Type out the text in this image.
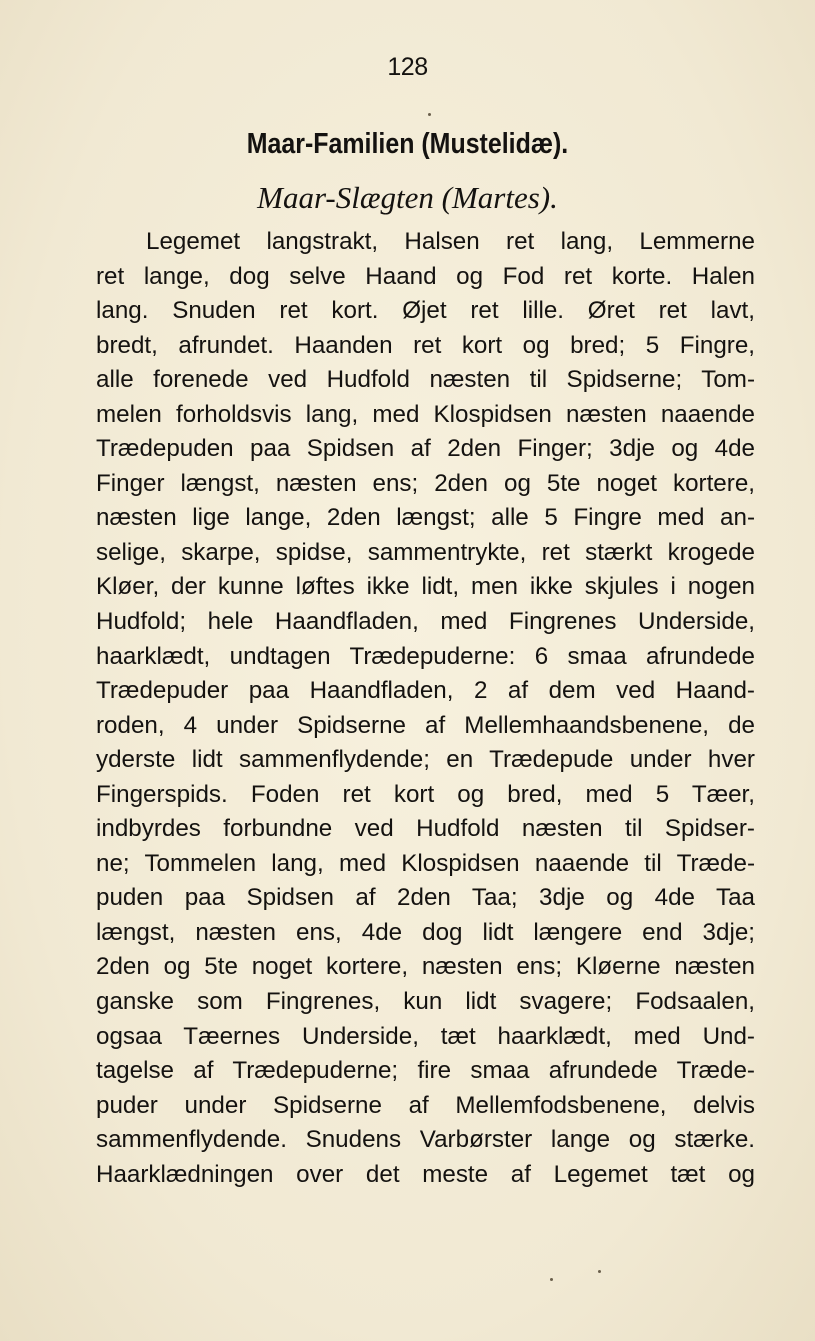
128
Maar-Familien (Mustelidæ).
Maar-Slægten (Martes).
Legemet langstrakt, Halsen ret lang, Lemmerne
ret lange, dog selve Haand og Fod ret korte. Halen
lang. Snuden ret kort. Øjet ret lille. Øret ret lavt,
bredt, afrundet. Haanden ret kort og bred; 5 Fingre,
alle forenede ved Hudfold næsten til Spidserne; Tom-
melen forholdsvis lang, med Klospidsen næsten naaende
Trædepuden paa Spidsen af 2den Finger; 3dje og 4de
Finger længst, næsten ens; 2den og 5te noget kortere,
næsten lige lange, 2den længst; alle 5 Fingre med an-
selige, skarpe, spidse, sammentrykte, ret stærkt krogede
Kløer, der kunne løftes ikke lidt, men ikke skjules i nogen
Hudfold; hele Haandfladen, med Fingrenes Underside,
haarklædt, undtagen Trædepuderne: 6 smaa afrundede
Trædepuder paa Haandfladen, 2 af dem ved Haand-
roden, 4 under Spidserne af Mellemhaandsbenene, de
yderste lidt sammenflydende; en Trædepude under hver
Fingerspids. Foden ret kort og bred, med 5 Tæer,
indbyrdes forbundne ved Hudfold næsten til Spidser-
ne; Tommelen lang, med Klospidsen naaende til Træde-
puden paa Spidsen af 2den Taa; 3dje og 4de Taa
længst, næsten ens, 4de dog lidt længere end 3dje;
2den og 5te noget kortere, næsten ens; Kløerne næsten
ganske som Fingrenes, kun lidt svagere; Fodsaalen,
ogsaa Tæernes Underside, tæt haarklædt, med Und-
tagelse af Trædepuderne; fire smaa afrundede Træde-
puder under Spidserne af Mellemfodsbenene, delvis
sammenflydende. Snudens Varbørster lange og stærke.
Haarklædningen over det meste af Legemet tæt og
